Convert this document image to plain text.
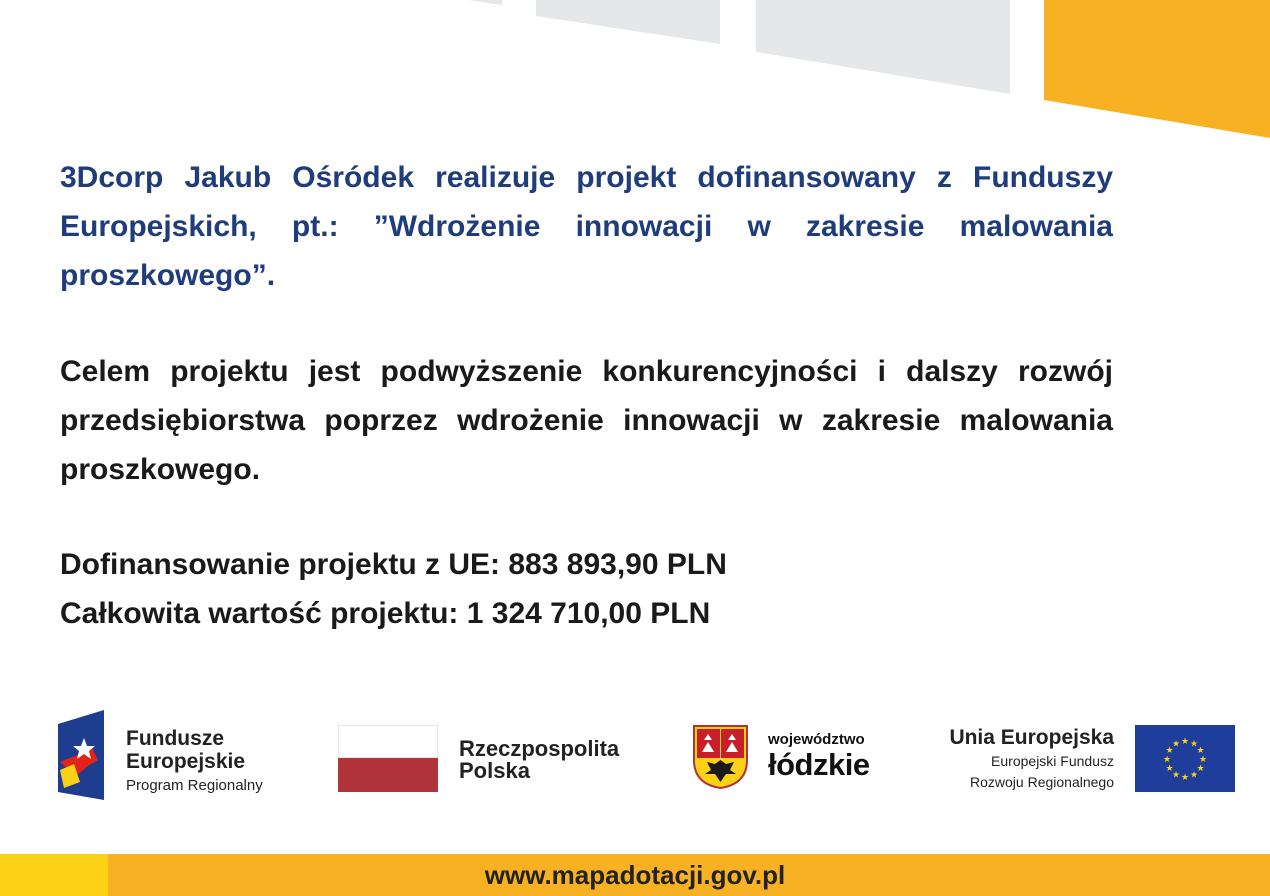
3Dcorp Jakub Ośródek realizuje projekt dofinansowany z Funduszy Europejskich, pt.: ”Wdrożenie innowacji w zakresie malowania proszkowego”.
Celem projektu jest podwyższenie konkurencyjności i dalszy rozwój przedsiębiorstwa poprzez wdrożenie innowacji w zakresie malowania proszkowego.
Dofinansowanie projektu z UE: 883 893,90 PLN
Całkowita wartość projektu: 1 324 710,00 PLN
Fundusze
Europejskie
Program Regionalny
Rzeczpospolita
Polska
województwo
łódzkie
Unia Europejska
Europejski Fundusz
Rozwoju Regionalnego
★ ★
★
★
★
★
★
★
★
★
★
★
www.mapadotacji.gov.pl
